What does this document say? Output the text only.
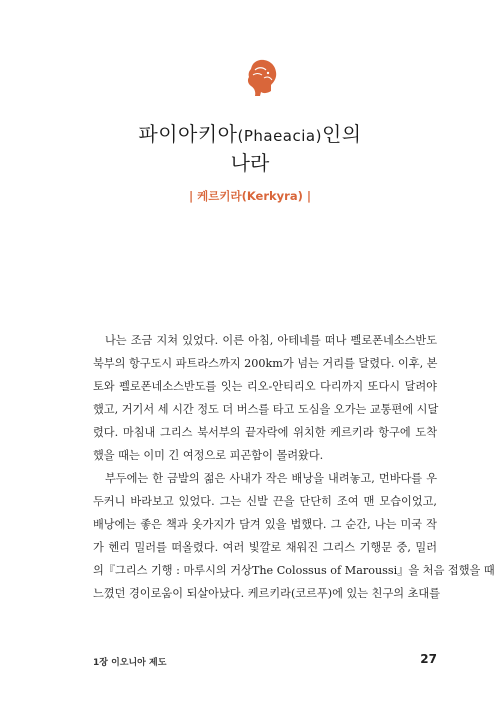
파이아키아(Phaeacia)인의
나라
| 케르키라(Kerkyra) |
나는 조금 지쳐 있었다. 이른 아침, 아테네를 떠나 펠로폰네소스반도
북부의 항구도시 파트라스까지 200km가 넘는 거리를 달렸다. 이후, 본
토와 펠로폰네소스반도를 잇는 리오-안티리오 다리까지 또다시 달려야
했고, 거기서 세 시간 정도 더 버스를 타고 도심을 오가는 교통편에 시달
렸다. 마침내 그리스 북서부의 끝자락에 위치한 케르키라 항구에 도착
했을 때는 이미 긴 여정으로 피곤함이 몰려왔다.
부두에는 한 금발의 젊은 사내가 작은 배낭을 내려놓고, 먼바다를 우
두커니 바라보고 있었다. 그는 신발 끈을 단단히 조여 맨 모습이었고,
배낭에는 좋은 책과 옷가지가 담겨 있을 법했다. 그 순간, 나는 미국 작
가 헨리 밀러를 떠올렸다. 여러 빛깔로 채워진 그리스 기행문 중, 밀러
의『그리스 기행 : 마루시의 거상The Colossus of Maroussi』을 처음 접했을 때
느꼈던 경이로움이 되살아났다. 케르키라(코르푸)에 있는 친구의 초대를
1장 이오니아 제도	27
